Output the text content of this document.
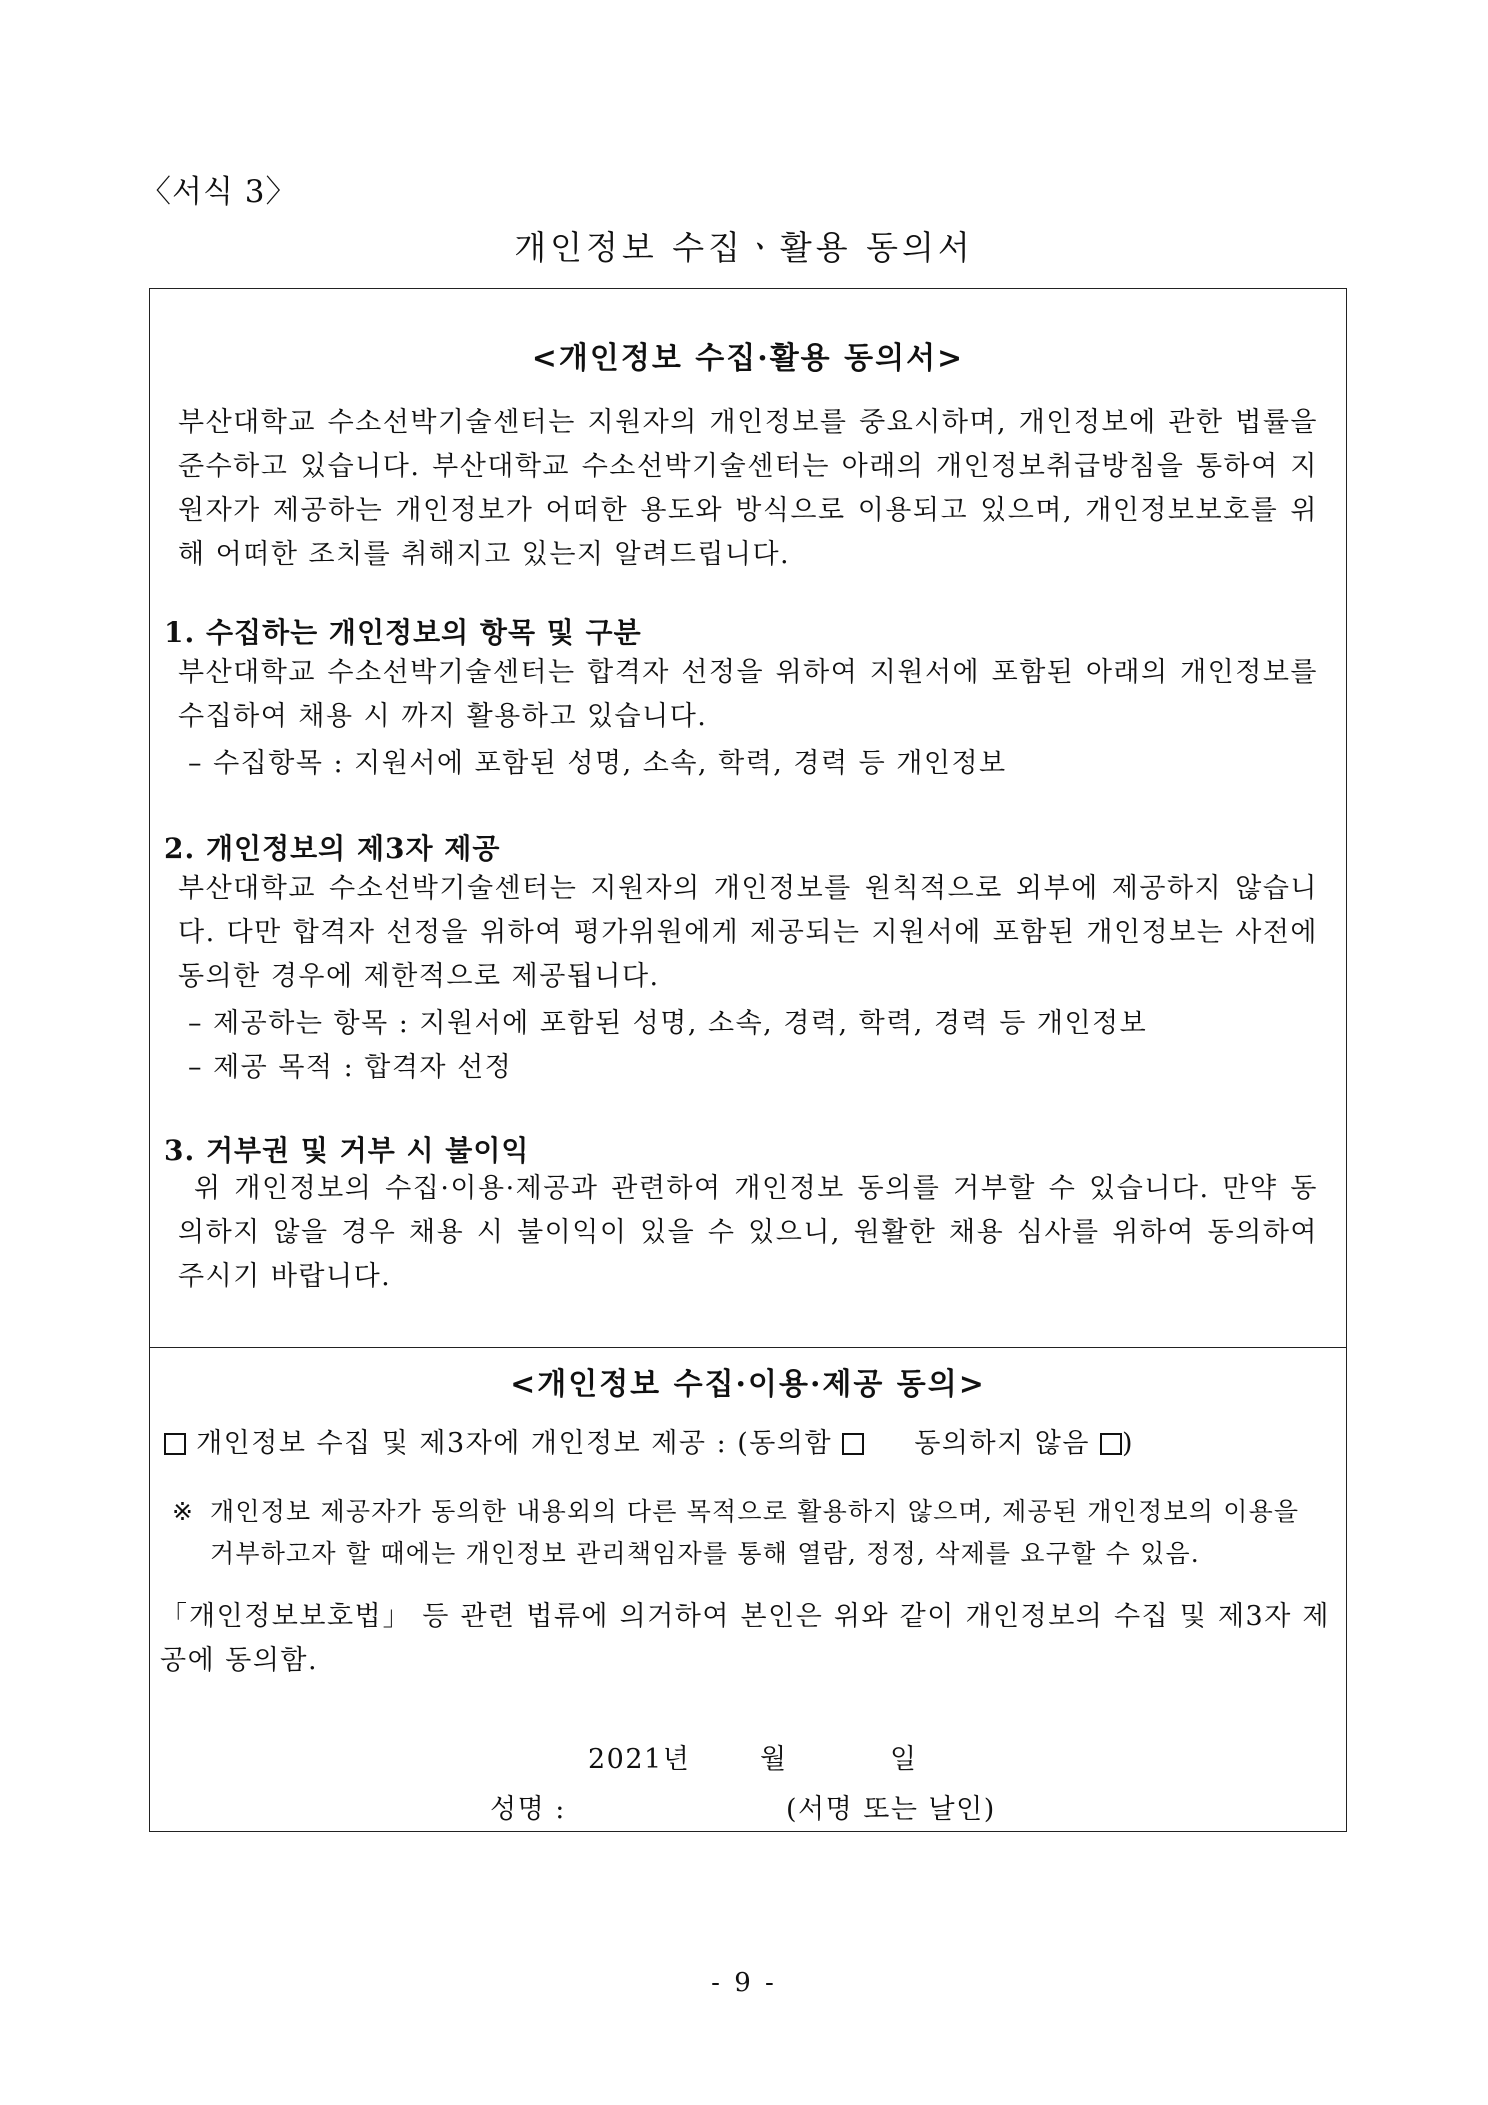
〈서식 3〉
개인정보 수집ㆍ활용 동의서
<개인정보 수집·활용 동의서>
부산대학교 수소선박기술센터는 지원자의 개인정보를 중요시하며, 개인정보에 관한 법률을 준수하고 있습니다. 부산대학교 수소선박기술센터는 아래의 개인정보취급방침을 통하여 지원자가 제공하는 개인정보가 어떠한 용도와 방식으로 이용되고 있으며, 개인정보보호를 위해 어떠한 조치를 취해지고 있는지 알려드립니다.
1. 수집하는 개인정보의 항목 및 구분
부산대학교 수소선박기술센터는 합격자 선정을 위하여 지원서에 포함된 아래의 개인정보를 수집하여 채용 시 까지 활용하고 있습니다.
– 수집항목 : 지원서에 포함된 성명, 소속, 학력, 경력 등 개인정보
2. 개인정보의 제3자 제공
부산대학교 수소선박기술센터는 지원자의 개인정보를 원칙적으로 외부에 제공하지 않습니다. 다만 합격자 선정을 위하여 평가위원에게 제공되는 지원서에 포함된 개인정보는 사전에 동의한 경우에 제한적으로 제공됩니다.
– 제공하는 항목 : 지원서에 포함된 성명, 소속, 경력, 학력, 경력 등 개인정보
– 제공 목적 : 합격자 선정
3. 거부권 및 거부 시 불이익
위 개인정보의 수집·이용·제공과 관련하여 개인정보 동의를 거부할 수 있습니다. 만약 동의하지 않을 경우 채용 시 불이익이 있을 수 있으니, 원활한 채용 심사를 위하여 동의하여 주시기 바랍니다.
<개인정보 수집·이용·제공 동의>
개인정보 수집 및 제3자에 개인정보 제공 : (동의함	동의하지 않음 )
※ 개인정보 제공자가 동의한 내용외의 다른 목적으로 활용하지 않으며, 제공된 개인정보의 이용을 거부하고자 할 때에는 개인정보 관리책임자를 통해 열람, 정정, 삭제를 요구할 수 있음.
「개인정보보호법」 등 관련 법류에 의거하여 본인은 위와 같이 개인정보의 수집 및 제3자 제공에 동의함.
2021년	월	일
성명 :	(서명 또는 날인)
- 9 -
